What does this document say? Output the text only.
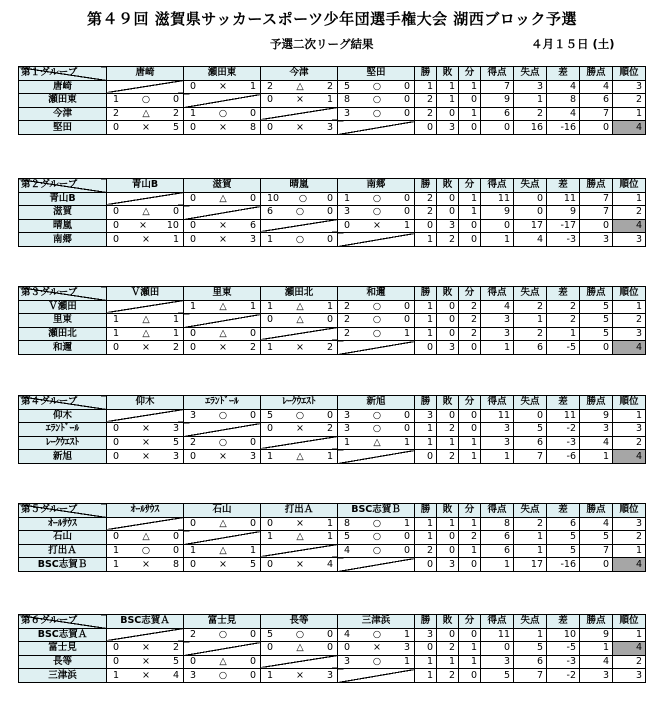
第４９回 滋賀県サッカースポーツ少年団選手権大会 湖西ブロック予選
予選二次リーグ結果	４月１５日 (土)
第１グループ	唐崎	瀬田東	今津	堅田	勝	敗	分	得点	失点	差	勝点	順位
唐崎		0 × 1	2 △ 2	5 ○ 0	1	1	1	7	3	4	4	3
瀬田東	1 ○ 0		0 × 1	8 ○ 0	2	1	0	9	1	8	6	2
今津	2 △ 2	1 ○ 0		3 ○ 0	2	0	1	6	2	4	7	1
堅田	0 × 5	0 × 8	0 × 3		0	3	0	0	16	-16	0	4
第２グループ	青山B	滋賀	晴嵐	南郷	勝	敗	分	得点	失点	差	勝点	順位
青山B		0 △ 0	10 ○ 0	1 ○ 0	2	0	1	11	0	11	7	1
滋賀	0 △ 0		6 ○ 0	3 ○ 0	2	0	1	9	0	9	7	2
晴嵐	0 × 10	0 × 6		0 × 1	0	3	0	0	17	-17	0	4
南郷	0 × 1	0 × 3	1 ○ 0		1	2	0	1	4	-3	3	3
第３グループ	Ｖ瀬田	里東	瀬田北	和邇	勝	敗	分	得点	失点	差	勝点	順位
Ｖ瀬田		1 △ 1	1 △ 1	2 ○ 0	1	0	2	4	2	2	5	1
里東	1 △ 1		0 △ 0	2 ○ 0	1	0	2	3	1	2	5	2
瀬田北	1 △ 1	0 △ 0		2 ○ 1	1	0	2	3	2	1	5	3
和邇	0 × 2	0 × 2	1 × 2		0	3	0	1	6	-5	0	4
第４グループ	仰木	ｴﾗﾝﾄﾞｰﾙ	ﾚｰｸｳｴｽﾄ	新旭	勝	敗	分	得点	失点	差	勝点	順位
仰木		3 ○ 0	5 ○ 0	3 ○ 0	3	0	0	11	0	11	9	1
ｴﾗﾝﾄﾞｰﾙ	0 × 3		0 × 2	3 ○ 0	1	2	0	3	5	-2	3	3
ﾚｰｸｳｴｽﾄ	0 × 5	2 ○ 0		1 △ 1	1	1	1	3	6	-3	4	2
新旭	0 × 3	0 × 3	1 △ 1		0	2	1	1	7	-6	1	4
第５グループ	ｵｰﾙｻｳｽ	石山	打出Ａ	BSC志賀Ｂ	勝	敗	分	得点	失点	差	勝点	順位
ｵｰﾙｻｳｽ		0 △ 0	0 × 1	8 ○ 1	1	1	1	8	2	6	4	3
石山	0 △ 0		1 △ 1	5 ○ 0	1	0	2	6	1	5	5	2
打出Ａ	1 ○ 0	1 △ 1		4 ○ 0	2	0	1	6	1	5	7	1
BSC志賀Ｂ	1 × 8	0 × 5	0 × 4		0	3	0	1	17	-16	0	4
第６グループ	BSC志賀Ａ	富士見	長等	三津浜	勝	敗	分	得点	失点	差	勝点	順位
BSC志賀Ａ		2 ○ 0	5 ○ 0	4 ○ 1	3	0	0	11	1	10	9	1
富士見	0 × 2		0 △ 0	0 × 3	0	2	1	0	5	-5	1	4
長等	0 × 5	0 △ 0		3 ○ 1	1	1	1	3	6	-3	4	2
三津浜	1 × 4	3 ○ 0	1 × 3		1	2	0	5	7	-2	3	3
